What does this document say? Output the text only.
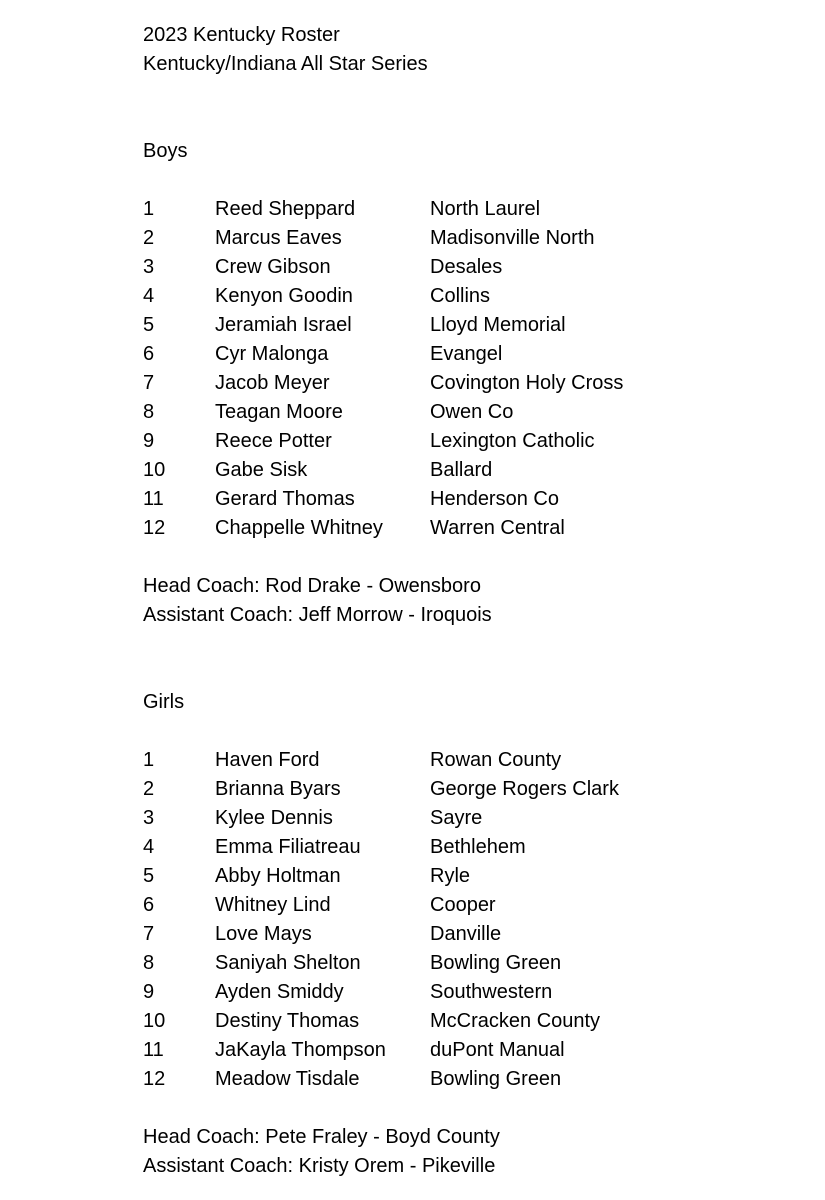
2023 Kentucky Roster
Kentucky/Indiana All Star Series
Boys
1	Reed Sheppard	North Laurel
2	Marcus Eaves	Madisonville North
3	Crew Gibson	Desales
4	Kenyon Goodin	Collins
5	Jeramiah Israel	Lloyd Memorial
6	Cyr Malonga	Evangel
7	Jacob Meyer	Covington Holy Cross
8	Teagan Moore	Owen Co
9	Reece Potter	Lexington Catholic
10	Gabe Sisk	Ballard
11	Gerard Thomas	Henderson Co
12	Chappelle Whitney	Warren Central
Head Coach: Rod Drake - Owensboro
Assistant Coach: Jeff Morrow - Iroquois
Girls
1	Haven Ford	Rowan County
2	Brianna Byars	George Rogers Clark
3	Kylee Dennis	Sayre
4	Emma Filiatreau	Bethlehem
5	Abby Holtman	Ryle
6	Whitney Lind	Cooper
7	Love Mays	Danville
8	Saniyah Shelton	Bowling Green
9	Ayden Smiddy	Southwestern
10	Destiny Thomas	McCracken County
11	JaKayla Thompson	duPont Manual
12	Meadow Tisdale	Bowling Green
Head Coach: Pete Fraley - Boyd County
Assistant Coach: Kristy Orem - Pikeville
